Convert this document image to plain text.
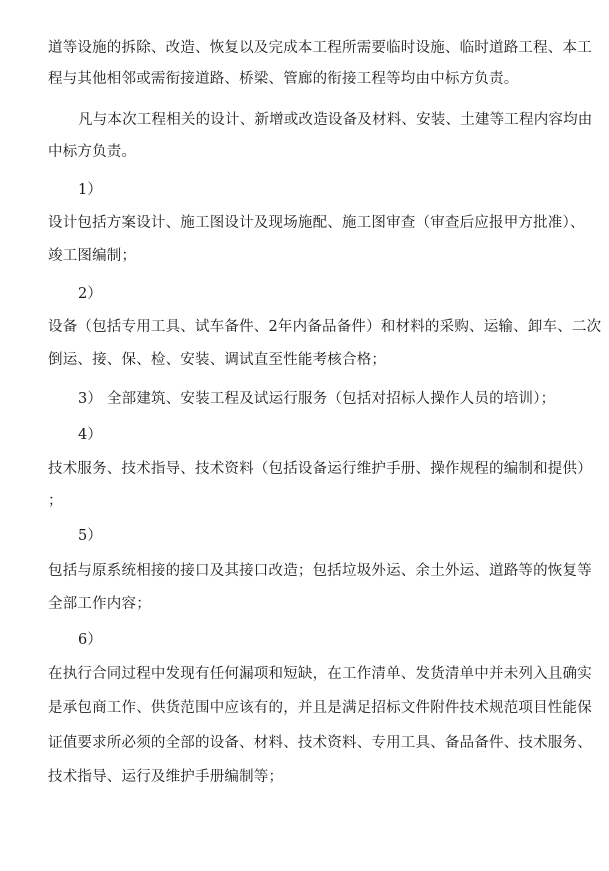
道等设施的拆除、改造、恢复以及完成本工程所需要临时设施、临时道路工程、本工
程与其他相邻或需衔接道路、桥梁、管廊的衔接工程等均由中标方负责。
凡与本次工程相关的设计、新增或改造设备及材料、安装、土建等工程内容均由
中标方负责。
1）
设计包括方案设计、施工图设计及现场施配、施工图审查（审查后应报甲方批准）、
竣工图编制；
2）
设备（包括专用工具、试车备件、2年内备品备件）和材料的采购、运输、卸车、二次
倒运、接、保、检、安装、调试直至性能考核合格；
3） 全部建筑、安装工程及试运行服务（包括对招标人操作人员的培训）；
4）
技术服务、技术指导、技术资料（包括设备运行维护手册、操作规程的编制和提供）
；
5）
包括与原系统相接的接口及其接口改造；包括垃圾外运、余土外运、道路等的恢复等
全部工作内容；
6）
在执行合同过程中发现有任何漏项和短缺，在工作清单、发货清单中并未列入且确实
是承包商工作、供货范围中应该有的，并且是满足招标文件附件技术规范项目性能保
证值要求所必须的全部的设备、材料、技术资料、专用工具、备品备件、技术服务、
技术指导、运行及维护手册编制等；
